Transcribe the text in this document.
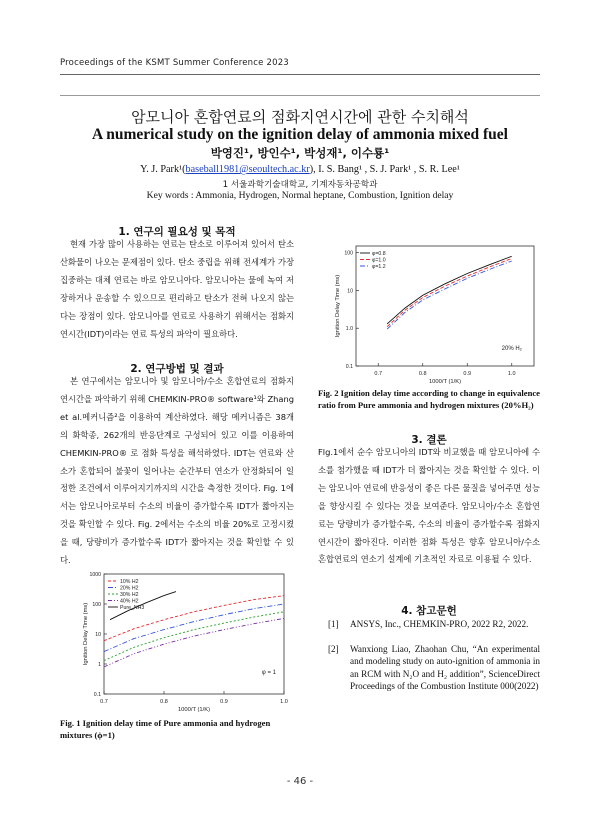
Proceedings of the KSMT Summer Conference 2023
암모니아 혼합연료의 점화지연시간에 관한 수치해석
A numerical study on the ignition delay of ammonia mixed fuel
박영진¹, 방인수¹, 박성재¹, 이수룡¹
Y. J. Park¹(baseball1981@seoultech.ac.kr), I. S. Bang¹ , S. J. Park¹ , S. R. Lee¹
1 서울과학기술대학교, 기계자동차공학과
Key words : Ammonia, Hydrogen, Normal heptane, Combustion, Ignition delay
1. 연구의 필요성 및 목적
현재 가장 많이 사용하는 연료는 탄소로 이루어져 있어서 탄소 산화물이 나오는 문제점이 있다. 탄소 중립을 위해 전세계가 가장 집중하는 대체 연료는 바로 암모니아다. 암모니아는 물에 녹여 저장하거나 운송할 수 있으므로 편리하고 탄소가 전혀 나오지 않는다는 장점이 있다. 암모니아를 연료로 사용하기 위해서는 점화지연시간(IDT)이라는 연료 특성의 파악이 필요하다.
2. 연구방법 및 결과
본 연구에서는 암모니아 및 암모니아/수소 혼합연료의 점화지연시간을 파악하기 위해 CHEMKIN-PRO® software¹와 Zhang et al.메커니즘²을 이용하여 계산하였다. 해당 메커니즘은 38개의 화학종, 262개의 반응단계로 구성되어 있고 이를 이용하여 CHEMKIN-PRO® 로 점화 특성을 해석하였다. IDT는 연료와 산소가 혼합되어 불꽃이 일어나는 순간부터 연소가 안정화되어 일정한 조건에서 이루어지기까지의 시간을 측정한 것이다. Fig. 1에서는 암모니아로부터 수소의 비율이 증가할수록 IDT가 짧아지는 것을 확인할 수 있다. Fig. 2에서는 수소의 비율 20%로 고정시켰을 때, 당량비가 증가할수록 IDT가 짧아지는 것을 확인할 수 있다.
0.7	0.8	0.9	1.0
0.1
1
10
100
1000
1000/T (1/K)
Ignition Delay Time (ms)
10% H2
20% H2
30% H2
40% H2
Pure_NH3
φ = 1
Fig. 1 Ignition delay time of Pure ammonia and hydrogen mixtures (ϕ=1)
0.7	0.8	0.9	1.0
0.1
1.0
10
100
1000/T (1/K)
Ignition Delay Time (ms)
φ=0.8
φ=1.0
φ=1.2
20% H₂
Fig. 2 Ignition delay time according to change in equivalence ratio from Pure ammonia and hydrogen mixtures (20%H₂)
3. 결론
Flg.1에서 순수 암모니아의 IDT와 비교했을 때 암모니아에 수소를 첨가했을 때 IDT가 더 짧아지는 것을 확인할 수 있다. 이는 암모니아 연료에 반응성이 좋은 다른 물질을 넣어주면 성능을 향상시킬 수 있다는 것을 보여준다. 암모니아/수소 혼합연료는 당량비가 증가할수록, 수소의 비율이 증가할수록 점화지연시간이 짧아진다. 이러한 점화 특성은 향후 암모니아/수소 혼합연료의 연소기 설계에 기초적인 자료로 이용될 수 있다.
4. 참고문헌
[1] ANSYS, Inc., CHEMKIN-PRO, 2022 R2, 2022.
[2] Wanxiong Liao, Zhaohan Chu, “An experimental and modeling study on auto-ignition of ammonia in an RCM with N₂O and H₂ addition”, ScienceDirect Proceedings of the Combustion Institute 000(2022)
- 46 -
